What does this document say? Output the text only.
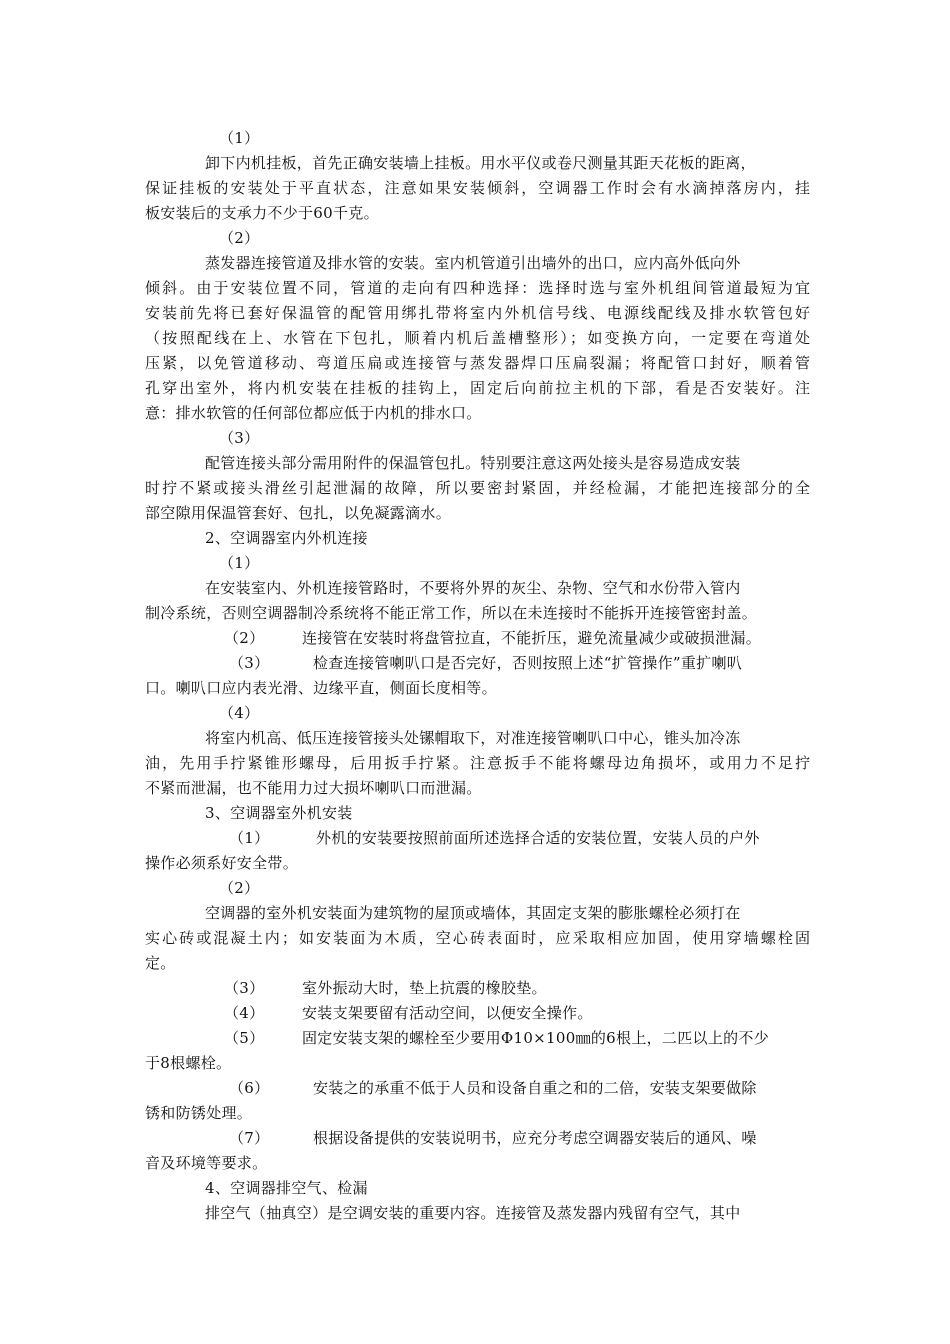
（1）

卸下内机挂板，首先正确安装墙上挂板。用水平仪或卷尺测量其距天花板的距离，

保证挂板的安装处于平直状态，注意如果安装倾斜，空调器工作时会有水滴掉落房内，挂

板安装后的支承力不少于60千克。

（2）

蒸发器连接管道及排水管的安装。室内机管道引出墙外的出口，应内高外低向外

倾斜。由于安装位置不同，管道的走向有四种选择：选择时选与室外机组间管道最短为宜

安装前先将已套好保温管的配管用绑扎带将室内外机信号线、电源线配线及排水软管包好

（按照配线在上、水管在下包扎，顺着内机后盖槽整形）；如变换方向，一定要在弯道处

压紧，以免管道移动、弯道压扁或连接管与蒸发器焊口压扁裂漏；将配管口封好，顺着管

孔穿出室外，将内机安装在挂板的挂钩上，固定后向前拉主机的下部，看是否安装好。注

意：排水软管的任何部位都应低于内机的排水口。

（3）

配管连接头部分需用附件的保温管包扎。特别要注意这两处接头是容易造成安装

时拧不紧或接头滑丝引起泄漏的故障，所以要密封紧固，并经检漏，才能把连接部分的全

部空隙用保温管套好、包扎，以免凝露滴水。

2、空调器室内外机连接

（1）

在安装室内、外机连接管路时，不要将外界的灰尘、杂物、空气和水份带入管内

制冷系统，否则空调器制冷系统将不能正常工作，所以在未连接时不能拆开连接管密封盖。

（2）	连接管在安装时将盘管拉直，不能折压，避免流量减少或破损泄漏。

（3）	检查连接管喇叭口是否完好，否则按照上述“扩管操作”重扩喇叭

口。喇叭口应内表光滑、边缘平直，侧面长度相等。

（4）

将室内机高、低压连接管接头处镙帽取下，对准连接管喇叭口中心，锥头加冷冻

油，先用手拧紧锥形螺母，后用扳手拧紧。注意扳手不能将螺母边角损坏，或用力不足拧

不紧而泄漏，也不能用力过大损坏喇叭口而泄漏。

3、空调器室外机安装

（1）	外机的安装要按照前面所述选择合适的安装位置，安装人员的户外

操作必须系好安全带。

（2）

空调器的室外机安装面为建筑物的屋顶或墙体，其固定支架的膨胀螺栓必须打在

实心砖或混凝土内；如安装面为木质，空心砖表面时，应采取相应加固，使用穿墙螺栓固

定。

（3）	室外振动大时，垫上抗震的橡胶垫。

（4）	安装支架要留有活动空间，以便安全操作。

（5）	固定安装支架的螺栓至少要用Φ10×100㎜的6根上，二匹以上的不少

于8根螺栓。

（6）	安装之的承重不低于人员和设备自重之和的二倍，安装支架要做除

锈和防锈处理。

（7）	根据设备提供的安装说明书，应充分考虑空调器安装后的通风、噪

音及环境等要求。

4、空调器排空气、检漏

排空气（抽真空）是空调安装的重要内容。连接管及蒸发器内残留有空气，其中
